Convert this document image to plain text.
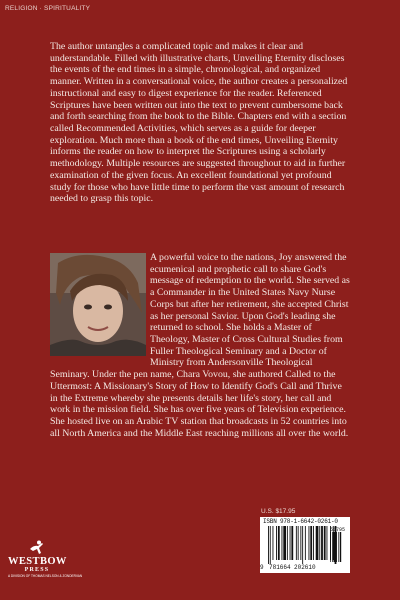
RELIGION · SPIRITUALITY

The author untangles a complicated topic and makes it clear and understandable. Filled with illustrative charts, Unveiling Eternity discloses the events of the end times in a simple, chronological, and organized manner. Written in a conversational voice, the author creates a personalized instructional and easy to digest experience for the reader. Referenced Scriptures have been written out into the text to prevent cumbersome back and forth searching from the book to the Bible. Chapters end with a section called Recommended Activities, which serves as a guide for deeper exploration. Much more than a book of the end times, Unveiling Eternity informs the reader on how to interpret the Scriptures using a scholarly methodology. Multiple resources are suggested throughout to aid in further examination of the given focus. An excellent foundational yet profound study for those who have little time to perform the vast amount of research needed to grasp this topic.

A powerful voice to the nations, Joy answered the ecumenical and prophetic call to share God's message of redemption to the world. She served as a Commander in the United States Navy Nurse Corps but after her retirement, she accepted Christ as her personal Savior. Upon God's leading she returned to school. She holds a Master of Theology, Master of Cross Cultural Studies from Fuller Theological Seminary and a Doctor of Ministry from Andersonville Theological Seminary. Under the pen name, Chara Vovou, she authored Called to the Uttermost: A Missionary's Story of How to Identify God's Call and Thrive in the Extreme whereby she presents details her life's story, her call and work in the mission field. She has over five years of Television experience. She hosted live on an Arabic TV station that broadcasts in 52 countries into all North America and the Middle East reaching millions all over the world.

U.S. $17.95
ISBN 978-1-6642-0261-0
51795
9 781664 202610
WESTBOW
PRESS
A DIVISION OF THOMAS NELSON & ZONDERVAN
